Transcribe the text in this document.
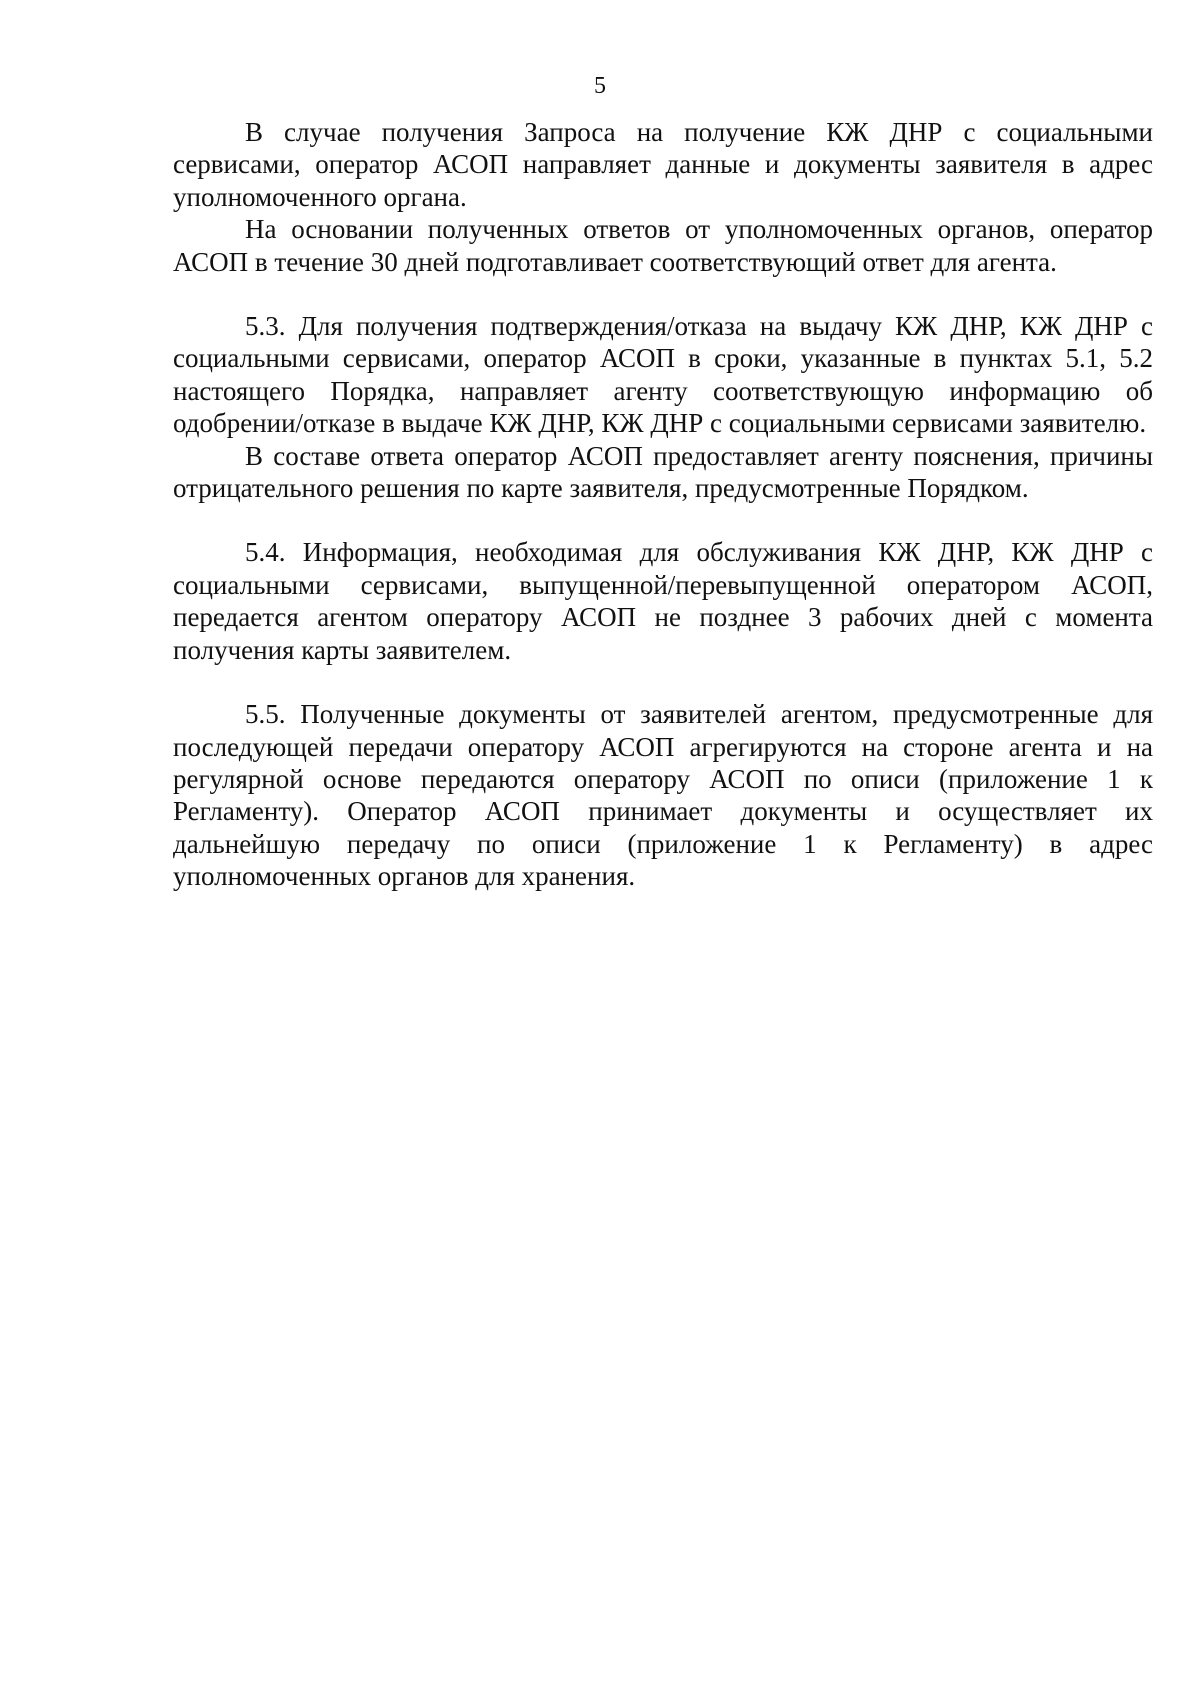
5

В случае получения Запроса на получение КЖ ДНР с социальными сервисами, оператор АСОП направляет данные и документы заявителя в адрес уполномоченного органа.

На основании полученных ответов от уполномоченных органов, оператор АСОП в течение 30 дней подготавливает соответствующий ответ для агента.

5.3. Для получения подтверждения/отказа на выдачу КЖ ДНР, КЖ ДНР с социальными сервисами, оператор АСОП в сроки, указанные в пунктах 5.1, 5.2 настоящего Порядка, направляет агенту соответствующую информацию об одобрении/отказе в выдаче КЖ ДНР, КЖ ДНР с социальными сервисами заявителю.

В составе ответа оператор АСОП предоставляет агенту пояснения, причины отрицательного решения по карте заявителя, предусмотренные Порядком.

5.4. Информация, необходимая для обслуживания КЖ ДНР, КЖ ДНР с социальными сервисами, выпущенной/перевыпущенной оператором АСОП, передается агентом оператору АСОП не позднее 3 рабочих дней с момента получения карты заявителем.

5.5. Полученные документы от заявителей агентом, предусмотренные для последующей передачи оператору АСОП агрегируются на стороне агента и на регулярной основе передаются оператору АСОП по описи (приложение 1 к Регламенту). Оператор АСОП принимает документы и осуществляет их дальнейшую передачу по описи (приложение 1 к Регламенту) в адрес уполномоченных органов для хранения.
